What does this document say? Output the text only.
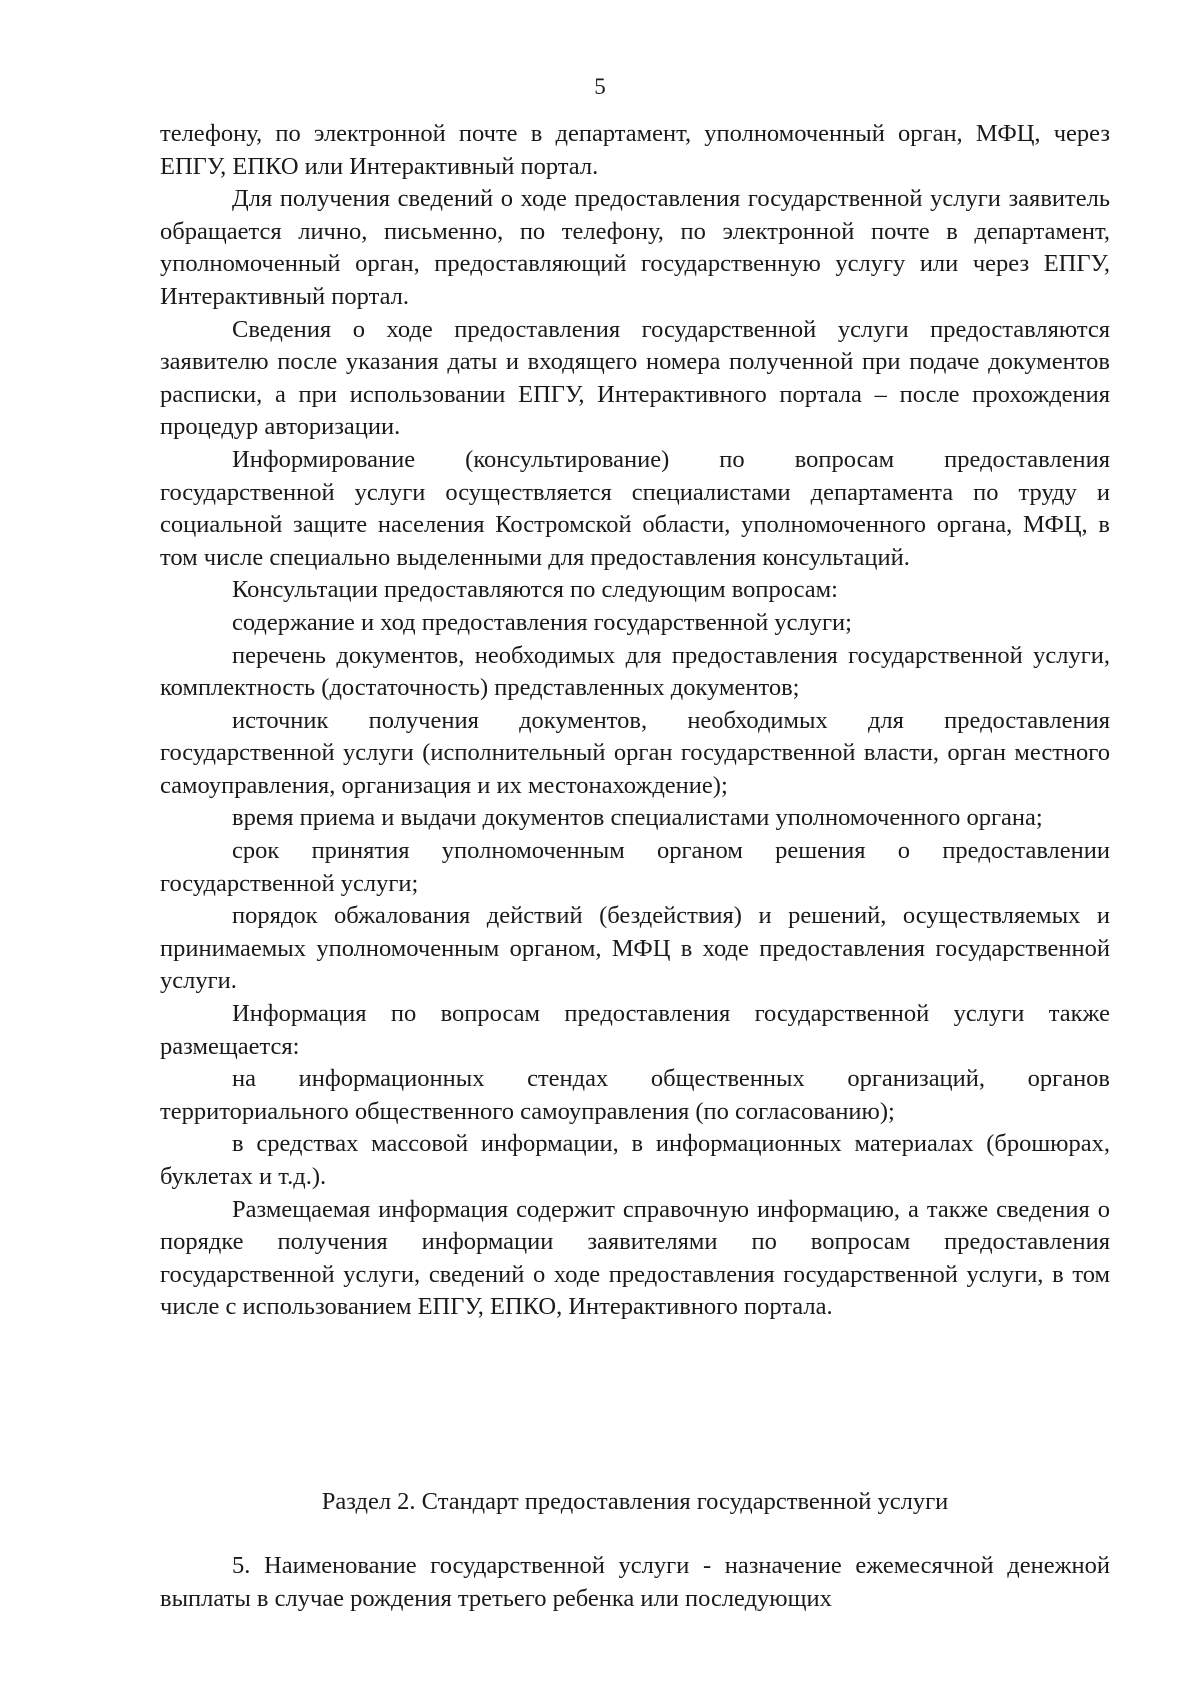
5

телефону, по электронной почте в департамент, уполномоченный орган, МФЦ, через ЕПГУ, ЕПКО или Интерактивный портал.

Для получения сведений о ходе предоставления государственной услуги заявитель обращается лично, письменно, по телефону, по электронной почте в департамент, уполномоченный орган, предоставляющий государственную услугу или через ЕПГУ, Интерактивный портал.

Сведения о ходе предоставления государственной услуги предоставляются заявителю после указания даты и входящего номера полученной при подаче документов расписки, а при использовании ЕПГУ, Интерактивного портала – после прохождения процедур авторизации.

Информирование (консультирование) по вопросам предоставления государственной услуги осуществляется специалистами департамента по труду и социальной защите населения Костромской области, уполномоченного органа, МФЦ, в том числе специально выделенными для предоставления консультаций.

Консультации предоставляются по следующим вопросам:

содержание и ход предоставления государственной услуги;

перечень документов, необходимых для предоставления государственной услуги, комплектность (достаточность) представленных документов;

источник получения документов, необходимых для предоставления государственной услуги (исполнительный орган государственной власти, орган местного самоуправления, организация и их местонахождение);

время приема и выдачи документов специалистами уполномоченного органа;

срок принятия уполномоченным органом решения о предоставлении государственной услуги;

порядок обжалования действий (бездействия) и решений, осуществляемых и принимаемых уполномоченным органом, МФЦ в ходе предоставления государственной услуги.

Информация по вопросам предоставления государственной услуги также размещается:

на информационных стендах общественных организаций, органов территориального общественного самоуправления (по согласованию);

в средствах массовой информации, в информационных материалах (брошюрах, буклетах и т.д.).

Размещаемая информация содержит справочную информацию, а также сведения о порядке получения информации заявителями по вопросам предоставления государственной услуги, сведений о ходе предоставления государственной услуги, в том числе с использованием ЕПГУ, ЕПКО, Интерактивного портала.

Раздел 2. Стандарт предоставления государственной услуги

5. Наименование государственной услуги - назначение ежемесячной денежной выплаты в случае рождения третьего ребенка или последующих
